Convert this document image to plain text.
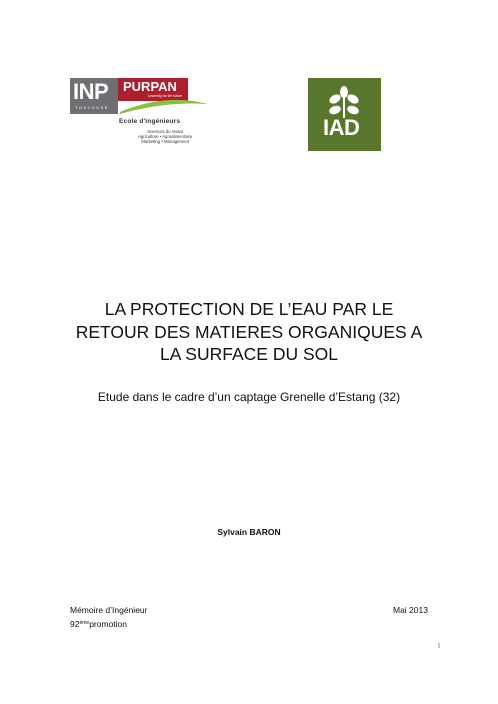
INP
TOULOUSE
PURPAN
Learning for life future
Ecole d'ingénieurs
Sciences du vivant
Agriculture • Agroalimentaire
Marketing • Management
IAD
LA PROTECTION DE L’EAU PAR LE
RETOUR DES MATIERES ORGANIQUES A
LA SURFACE DU SOL
Etude dans le cadre d’un captage Grenelle d’Estang (32)
Sylvain BARON
Mémoire d’Ingénieur	Mai 2013
92èmepromotion
I
